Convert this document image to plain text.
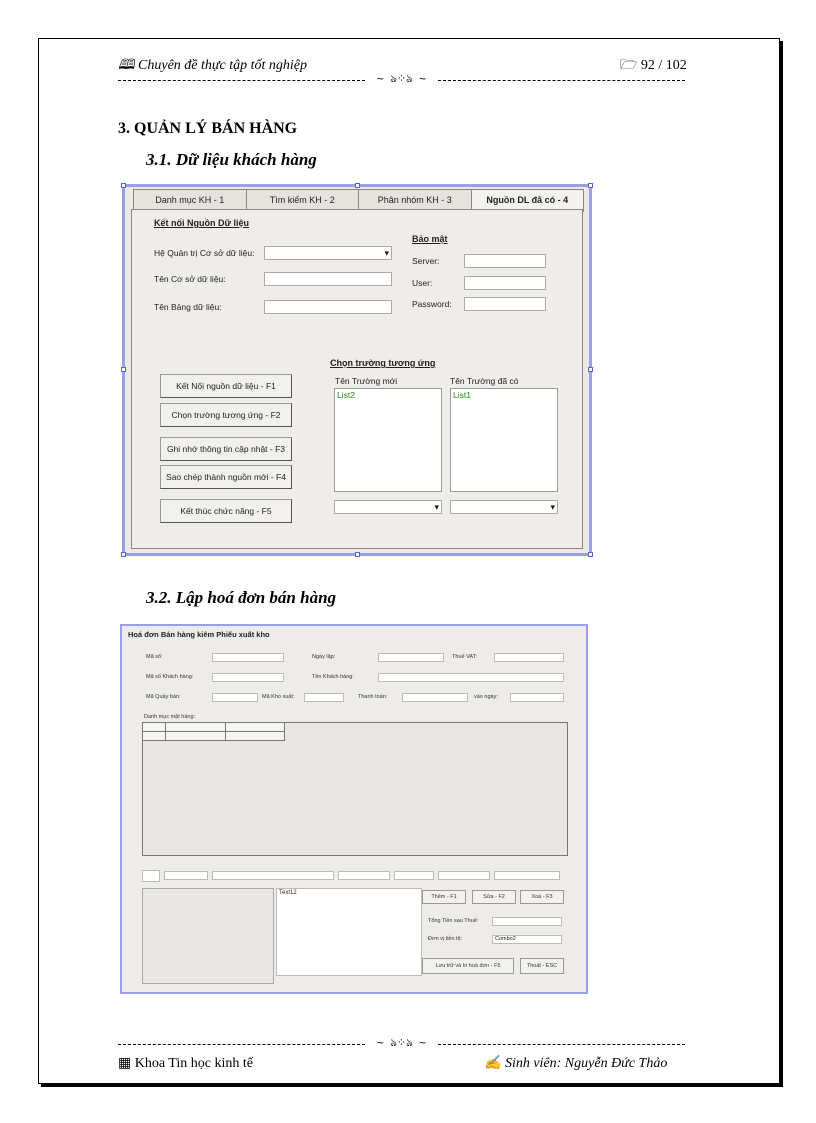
🕮 Chuyên đề thực tập tốt nghiệp	🗁 92 / 102
~ ঌ⁘ঌ ~
3. QUẢN LÝ BÁN HÀNG
3.1. Dữ liệu khách hàng
Danh mục KH - 1	Tìm kiếm KH - 2	Phân nhóm KH - 3	Nguồn DL đã có - 4
Kết nối Nguồn Dữ liệu
Hệ Quản trị Cơ sở dữ liệu:
▾
Tên Cơ sở dữ liệu:
Tên Bảng dữ liệu:
Bảo mật
Server:
User:
Password:
Kết Nối nguồn dữ liệu - F1
Chọn trường tương ứng - F2
Ghi nhớ thông tin cập nhật - F3
Sao chép thành nguồn mới - F4
Kết thúc chức năng - F5
Chọn trường tương ứng
Tên Trường mới	Tên Trường đã có
List2	List1
▾
▾
3.2. Lập hoá đơn bán hàng
Hoá đơn Bán hàng kiêm Phiếu xuất kho
Mã số:	Ngày lập:	Thuế VAT:
Mã số Khách hàng:	Tên Khách hàng:
Mã Quầy bán:	Mã Kho xuất:	Thanh toán:	vào ngày:
Danh mục mặt hàng:
Text12
Thêm - F1	Sửa - F2	Xoá - F3
Tổng Tiền sau Thuế:
Đơn vị tiền tệ:	Combo2
Lưu trữ và In hoá đơn - F5	Thoát - ESC
~ ঌ⁘ঌ ~
▦ Khoa Tin học kinh tế	✍ Sinh viên: Nguyễn Đức Thảo
